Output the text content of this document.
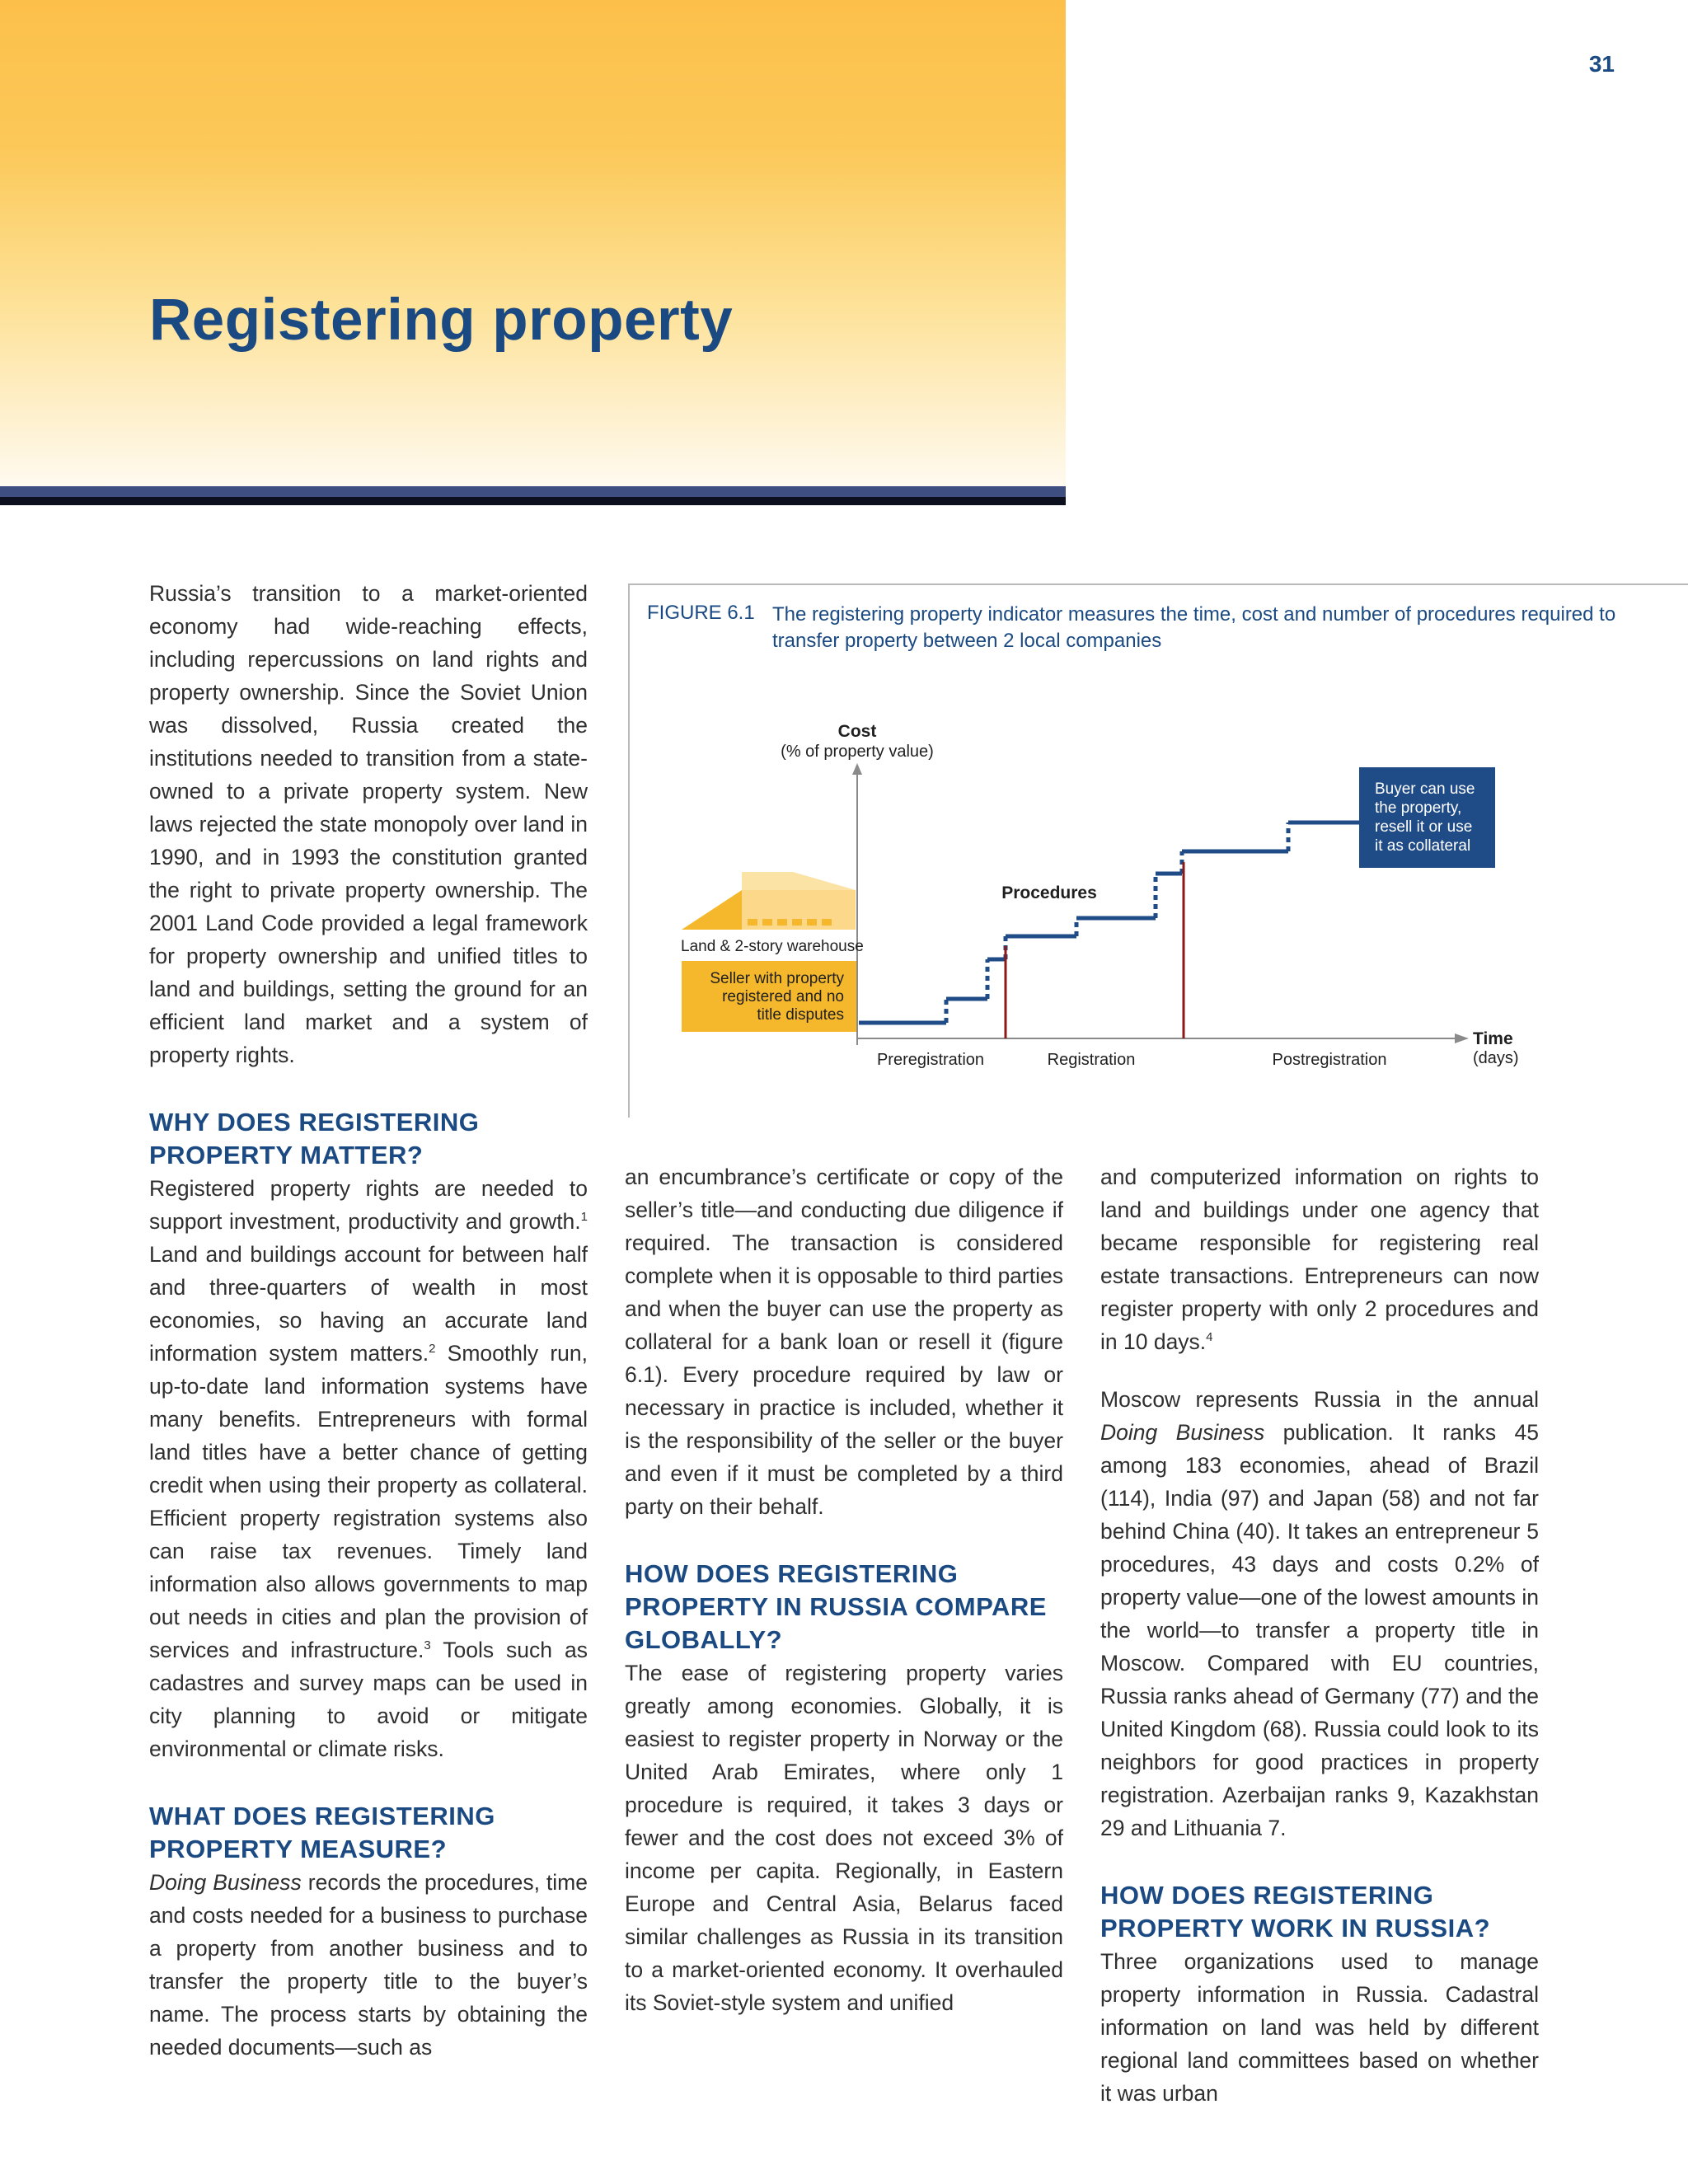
31
Registering property

Russia’s transition to a market-oriented economy had wide-reaching effects, including repercussions on land rights and property ownership. Since the Soviet Union was dissolved, Russia created the institutions needed to transition from a state-owned to a private property system. New laws rejected the state monopoly over land in 1990, and in 1993 the constitution granted the right to private property ownership. The 2001 Land Code provided a legal framework for property ownership and unified titles to land and buildings, setting the ground for an efficient land market and a system of property rights.

WHY DOES REGISTERING
PROPERTY MATTER?

Registered property rights are needed to support investment, productivity and growth.$^1$ Land and buildings account for between half and three-quarters of wealth in most economies, so having an accurate land information system matters.$^2$ Smoothly run, up-to-date land information systems have many benefits. Entrepreneurs with formal land titles have a better chance of getting credit when using their property as collateral. Efficient property registration systems also can raise tax revenues. Timely land information also allows governments to map out needs in cities and plan the provision of services and infrastructure.$^3$ Tools such as cadastres and survey maps can be used in city planning to avoid or mitigate environmental or climate risks.

WHAT DOES REGISTERING
PROPERTY MEASURE?

Doing Business records the procedures, time and costs needed for a business to purchase a property from another business and to transfer the property title to the buyer’s name. The process starts by obtaining the needed documents—such as

FIGURE 6.1 The registering property indicator measures the time, cost and number of procedures required to transfer property between 2 local companies
Cost
(% of property value)
Time
(days)
Land & 2-story warehouse
Seller with property
registered and no
title disputes
Procedures
Buyer can use
the property,
resell it or use
it as collateral
Preregistration	Registration	Postregistration

an encumbrance’s certificate or copy of the seller’s title—and conducting due diligence if required. The transaction is considered complete when it is opposable to third parties and when the buyer can use the property as collateral for a bank loan or resell it (figure 6.1). Every procedure required by law or necessary in practice is included, whether it is the responsibility of the seller or the buyer and even if it must be completed by a third party on their behalf.

HOW DOES REGISTERING
PROPERTY IN RUSSIA COMPARE
GLOBALLY?

The ease of registering property varies greatly among economies. Globally, it is easiest to register property in Norway or the United Arab Emirates, where only 1 procedure is required, it takes 3 days or fewer and the cost does not exceed 3% of income per capita. Regionally, in Eastern Europe and Central Asia, Belarus faced similar challenges as Russia in its transition to a market-oriented economy. It overhauled its Soviet-style system and unified

and computerized information on rights to land and buildings under one agency that became responsible for registering real estate transactions. Entrepreneurs can now register property with only 2 procedures and in 10 days.$^4$

Moscow represents Russia in the annual Doing Business publication. It ranks 45 among 183 economies, ahead of Brazil (114), India (97) and Japan (58) and not far behind China (40). It takes an entrepreneur 5 procedures, 43 days and costs 0.2% of property value—one of the lowest amounts in the world—to transfer a property title in Moscow. Compared with EU countries, Russia ranks ahead of Germany (77) and the United Kingdom (68). Russia could look to its neighbors for good practices in property registration. Azerbaijan ranks 9, Kazakhstan 29 and Lithuania 7.

HOW DOES REGISTERING
PROPERTY WORK IN RUSSIA?

Three organizations used to manage property information in Russia. Cadastral information on land was held by different regional land committees based on whether it was urban
